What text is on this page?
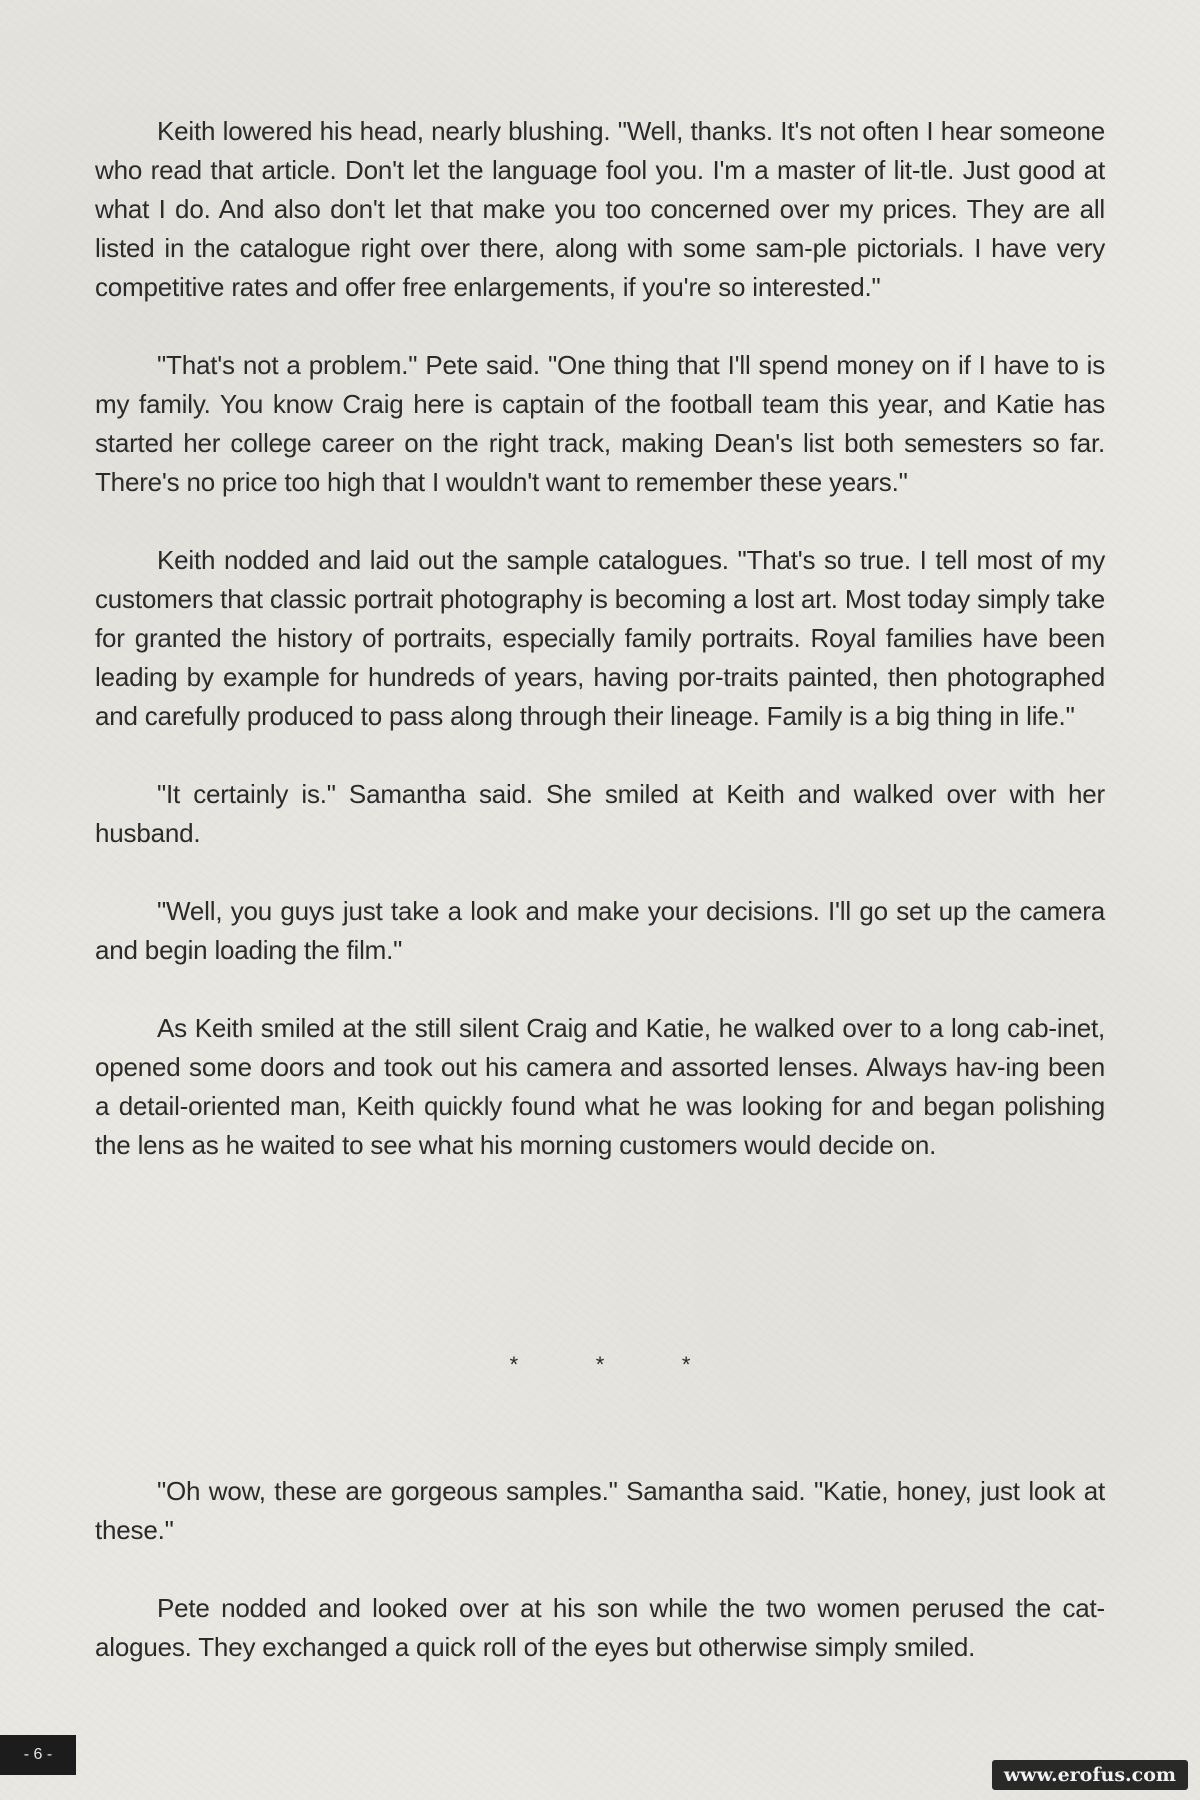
Keith lowered his head, nearly blushing. "Well, thanks. It's not often I hear someone who read that article. Don't let the language fool you. I'm a master of lit-tle. Just good at what I do. And also don't let that make you too concerned over my prices. They are all listed in the catalogue right over there, along with some sam-ple pictorials. I have very competitive rates and offer free enlargements, if you're so interested."

"That's not a problem." Pete said. "One thing that I'll spend money on if I have to is my family. You know Craig here is captain of the football team this year, and Katie has started her college career on the right track, making Dean's list both semesters so far. There's no price too high that I wouldn't want to remember these years."

Keith nodded and laid out the sample catalogues. "That's so true. I tell most of my customers that classic portrait photography is becoming a lost art. Most today simply take for granted the history of portraits, especially family portraits. Royal families have been leading by example for hundreds of years, having por-traits painted, then photographed and carefully produced to pass along through their lineage. Family is a big thing in life."

"It certainly is." Samantha said. She smiled at Keith and walked over with her husband.

"Well, you guys just take a look and make your decisions. I'll go set up the camera and begin loading the film."

As Keith smiled at the still silent Craig and Katie, he walked over to a long cab-inet, opened some doors and took out his camera and assorted lenses. Always hav-ing been a detail-oriented man, Keith quickly found what he was looking for and began polishing the lens as he waited to see what his morning customers would decide on.

*	*	*

"Oh wow, these are gorgeous samples." Samantha said. "Katie, honey, just look at these."

Pete nodded and looked over at his son while the two women perused the cat-alogues. They exchanged a quick roll of the eyes but otherwise simply smiled.

- 6 -
www.erofus.com
